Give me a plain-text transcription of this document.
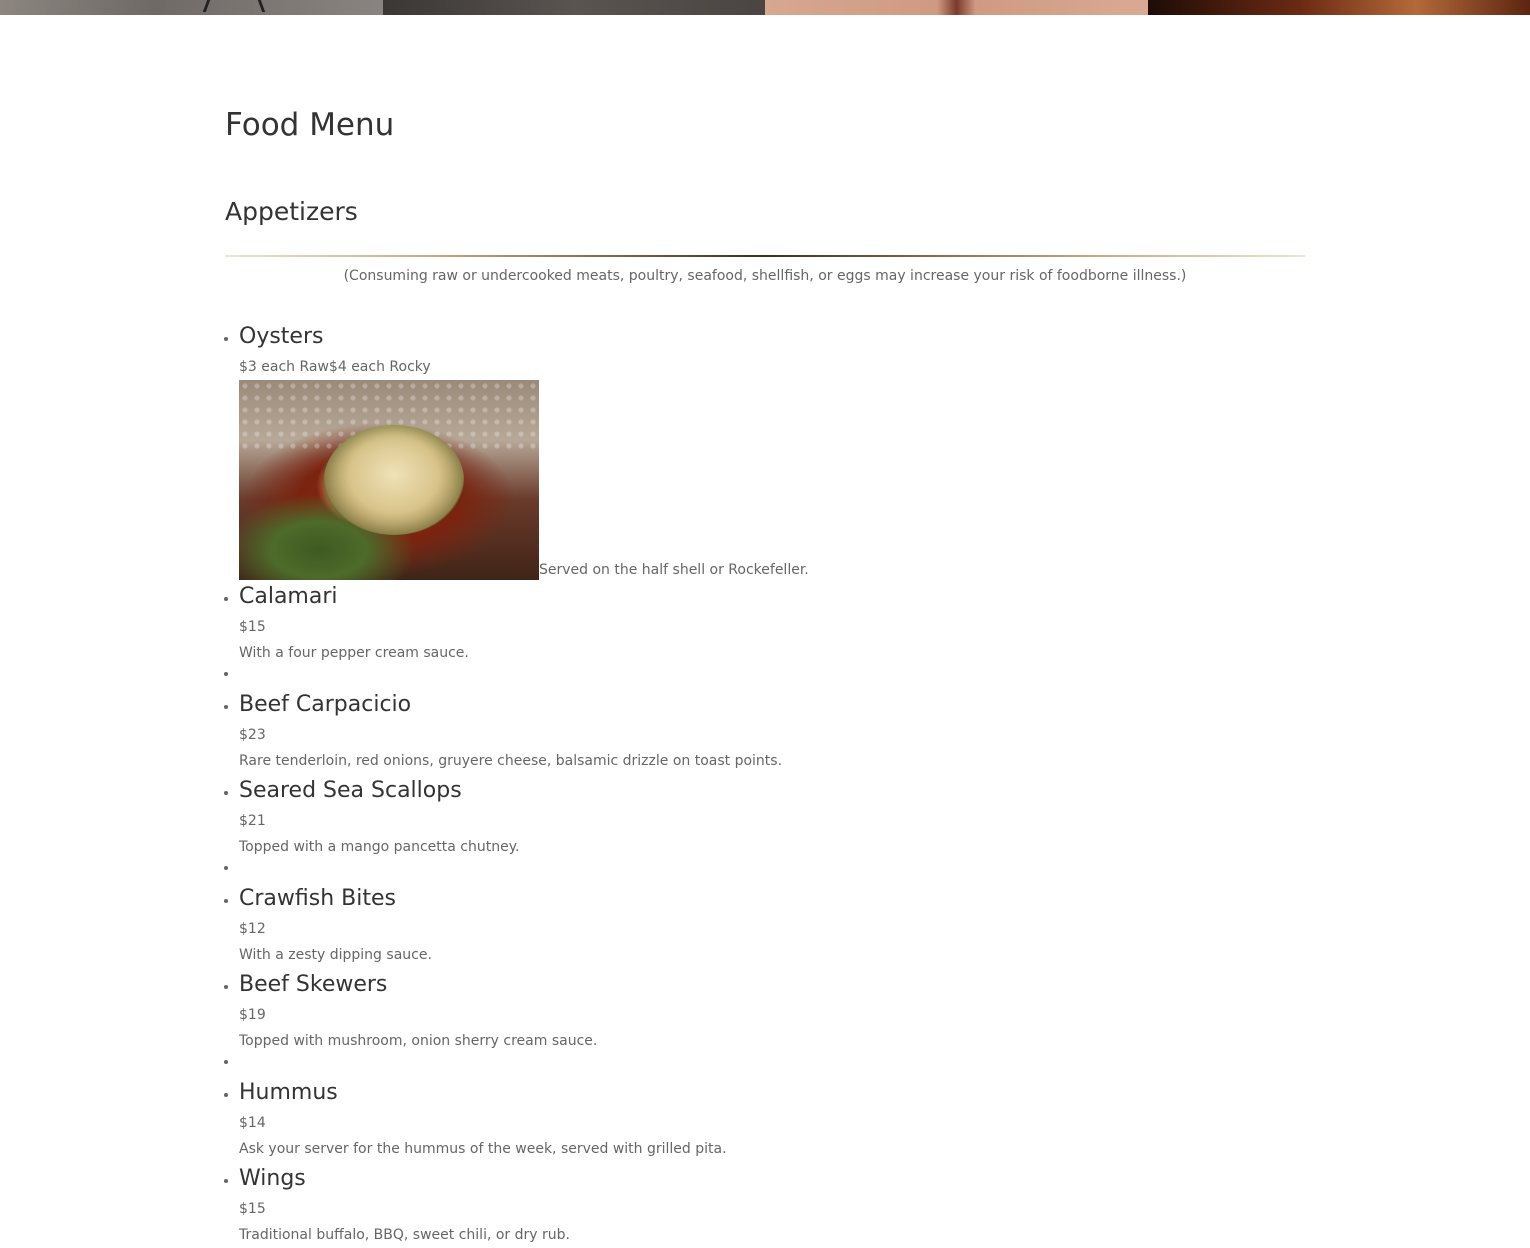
Food Menu
Appetizers
(Consuming raw or undercooked meats, poultry, seafood, shellfish, or eggs may increase your risk of foodborne illness.)
• Oysters
$3 each Raw$4 each Rocky
Served on the half shell or Rockefeller.
• Calamari
$15
With a four pepper cream sauce.
•
• Beef Carpacicio
$23
Rare tenderloin, red onions, gruyere cheese, balsamic drizzle on toast points.
• Seared Sea Scallops
$21
Topped with a mango pancetta chutney.
•
• Crawfish Bites
$12
With a zesty dipping sauce.
• Beef Skewers
$19
Topped with mushroom, onion sherry cream sauce.
•
• Hummus
$14
Ask your server for the hummus of the week, served with grilled pita.
• Wings
$15
Traditional buffalo, BBQ, sweet chili, or dry rub.
